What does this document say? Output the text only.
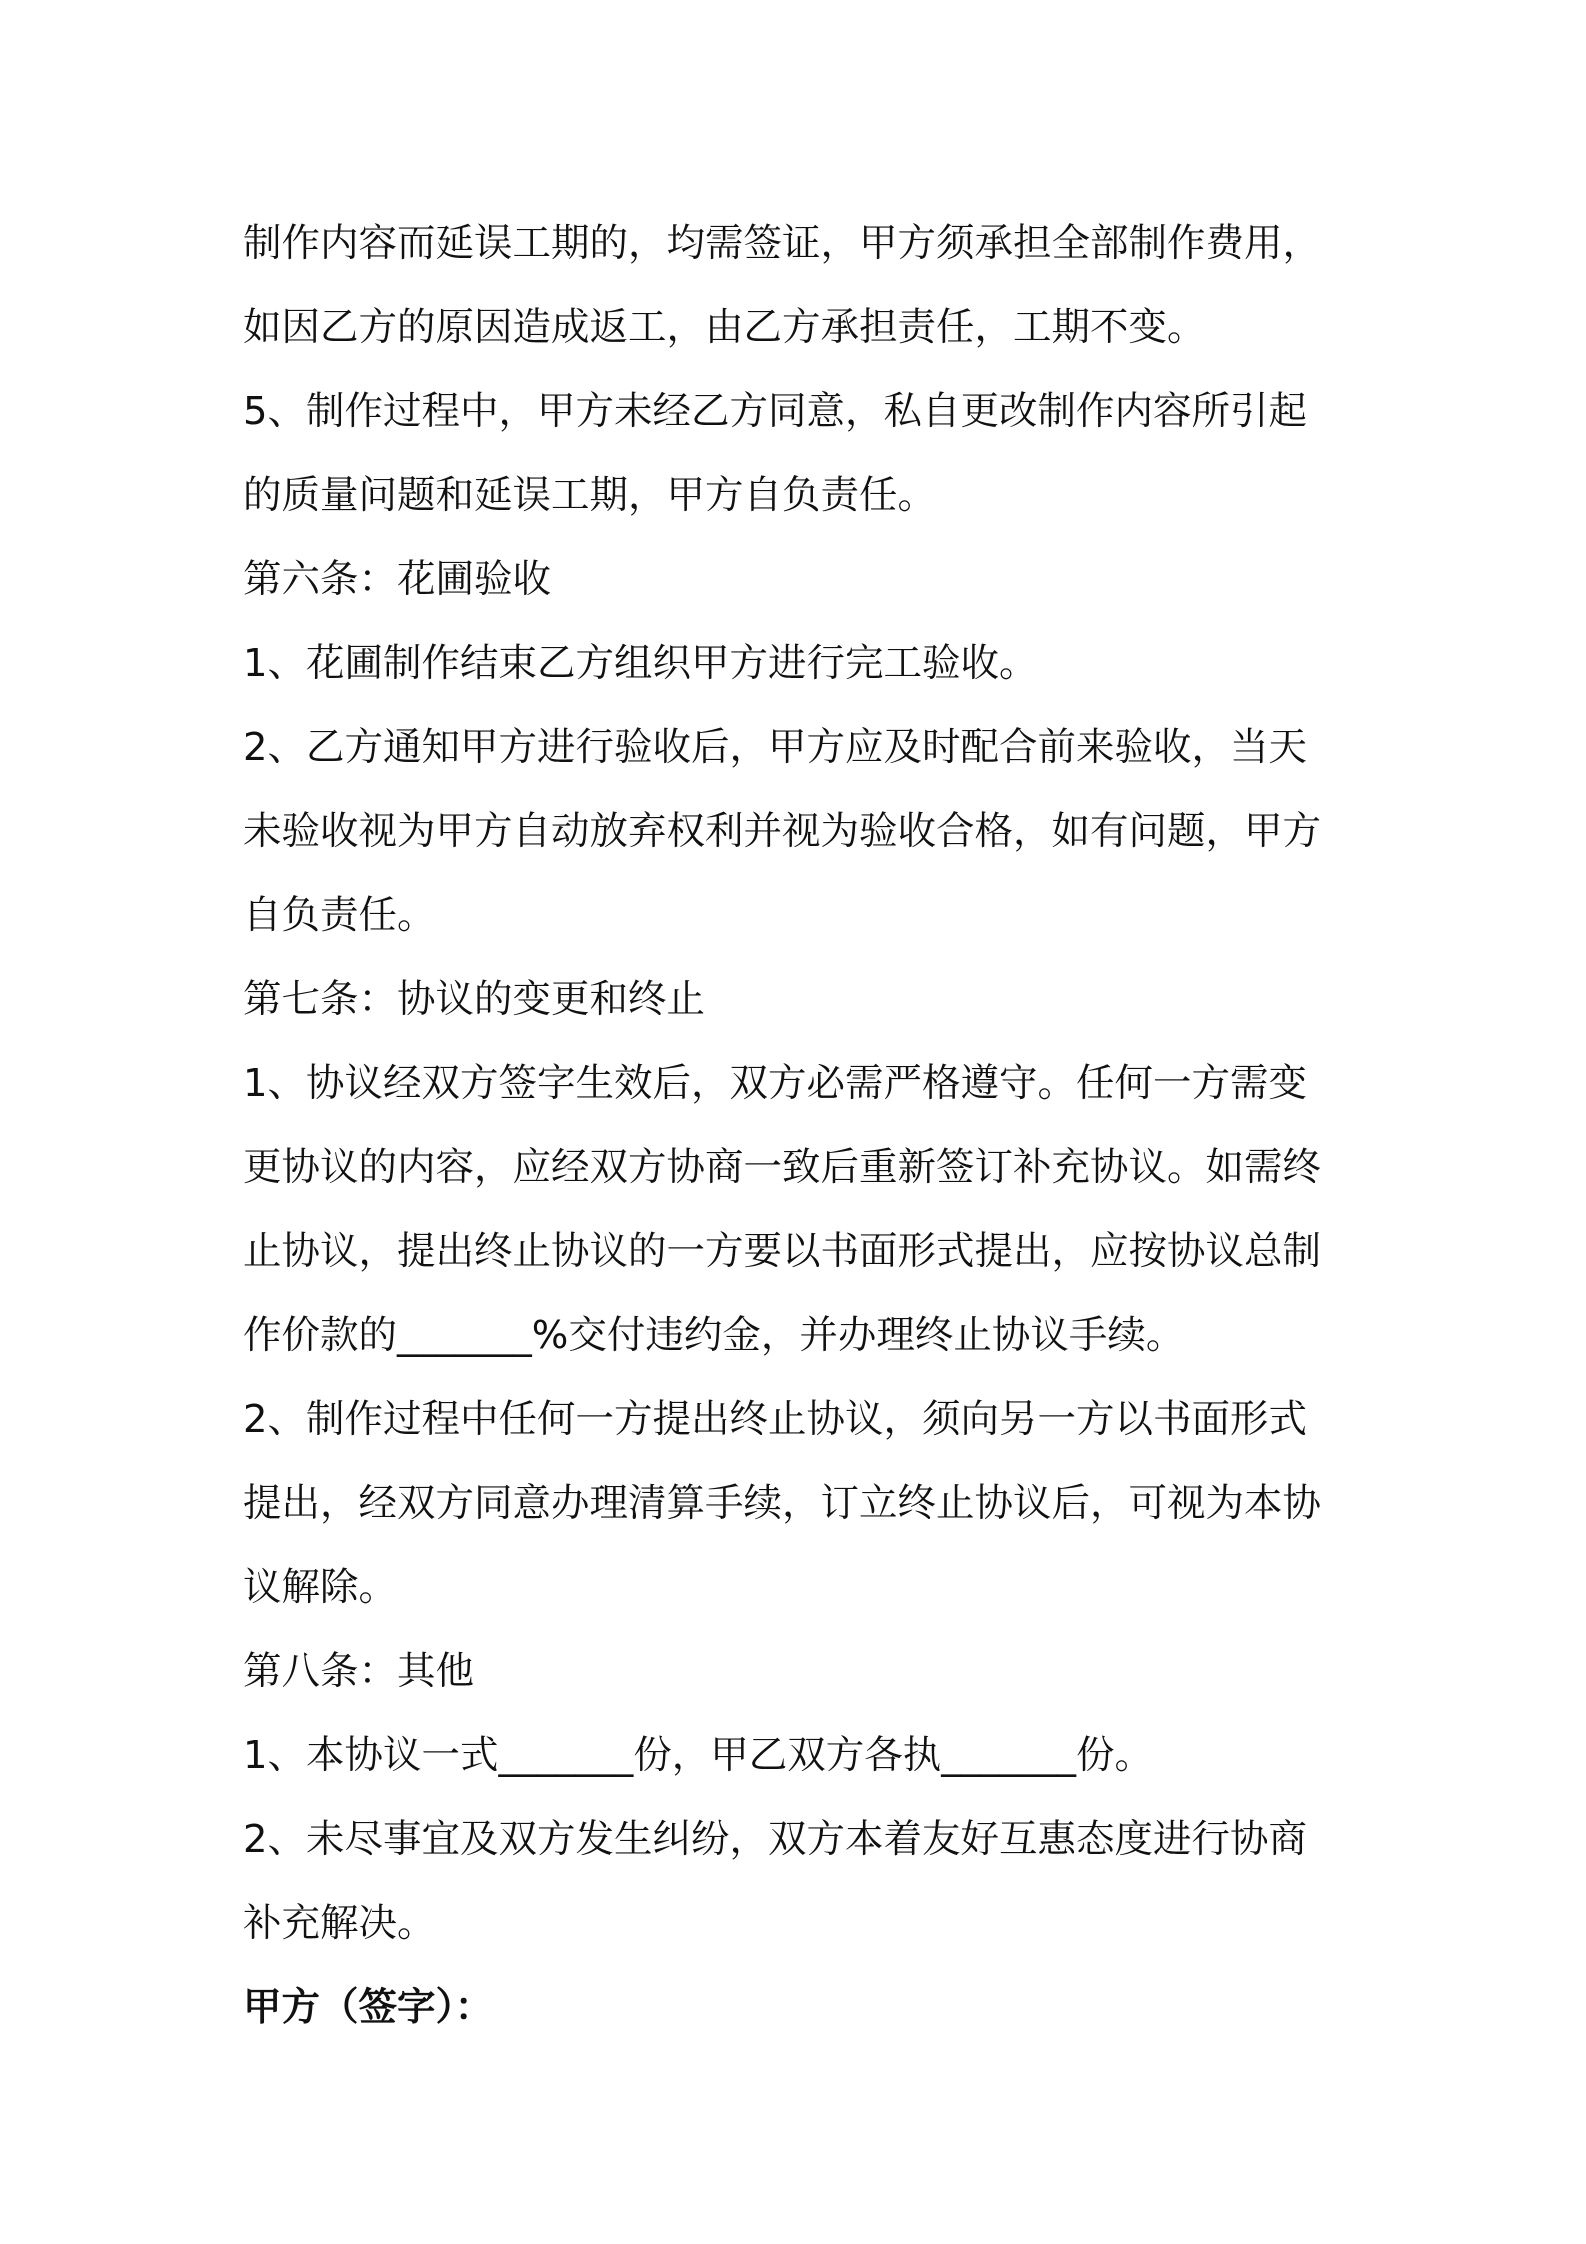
制作内容而延误工期的，均需签证，甲方须承担全部制作费用，
如因乙方的原因造成返工，由乙方承担责任，工期不变。
5、制作过程中，甲方未经乙方同意，私自更改制作内容所引起
的质量问题和延误工期，甲方自负责任。
第六条：花圃验收
1、花圃制作结束乙方组织甲方进行完工验收。
2、乙方通知甲方进行验收后，甲方应及时配合前来验收，当天
未验收视为甲方自动放弃权利并视为验收合格，如有问题，甲方
自负责任。
第七条：协议的变更和终止
1、协议经双方签字生效后，双方必需严格遵守。任何一方需变
更协议的内容，应经双方协商一致后重新签订补充协议。如需终
止协议，提出终止协议的一方要以书面形式提出，应按协议总制
作价款的_______%交付违约金，并办理终止协议手续。
2、制作过程中任何一方提出终止协议，须向另一方以书面形式
提出，经双方同意办理清算手续，订立终止协议后，可视为本协
议解除。
第八条：其他
1、本协议一式_______份，甲乙双方各执_______份。
2、未尽事宜及双方发生纠纷，双方本着友好互惠态度进行协商
补充解决。
甲方（签字）：
